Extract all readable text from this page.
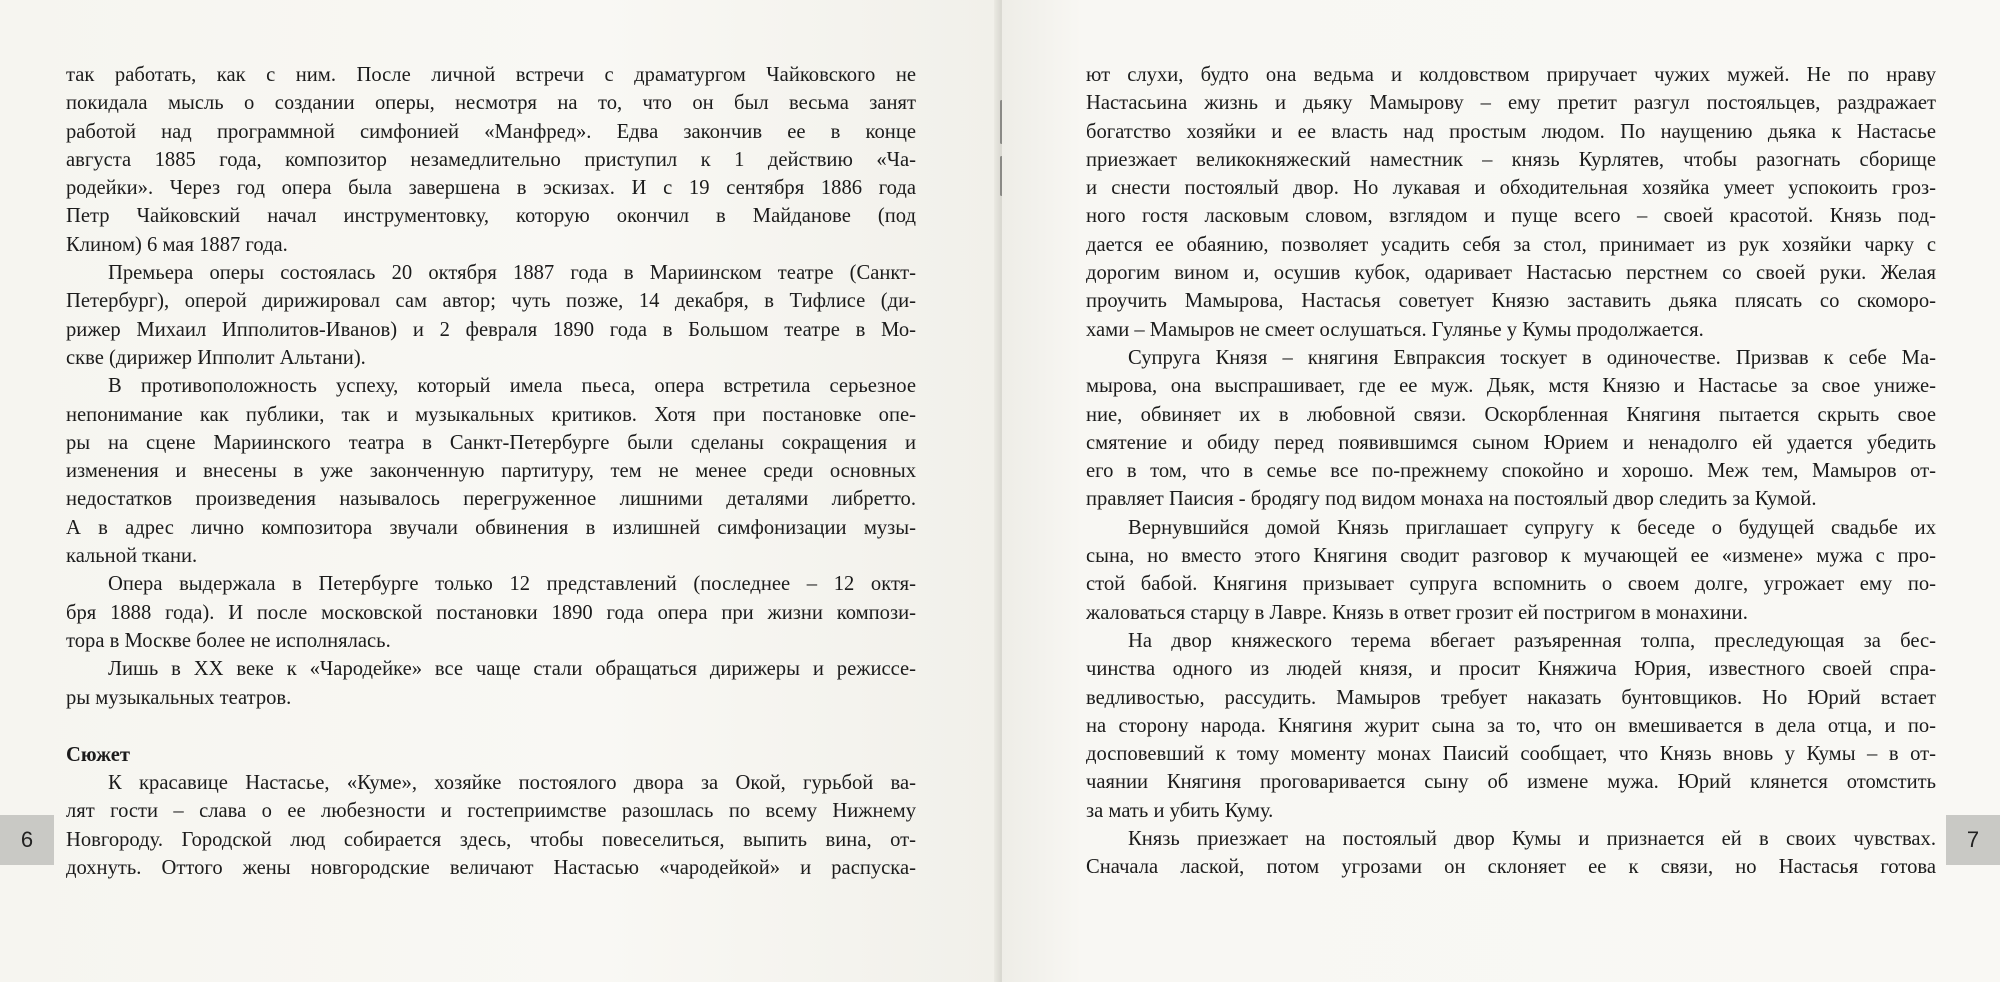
так работать, как с ним. После личной встречи с драматургом Чайковского не

покидала мысль о создании оперы, несмотря на то, что он был весьма занят

работой над программной симфонией «Манфред». Едва закончив ее в конце

августа 1885 года, композитор незамедлительно приступил к 1 действию «Ча-

родейки». Через год опера была завершена в эскизах. И с 19 сентября 1886 года

Петр Чайковский начал инструментовку, которую окончил в Майданове (под

Клином) 6 мая 1887 года.

Премьера оперы состоялась 20 октября 1887 года в Мариинском театре (Санкт-

Петербург), оперой дирижировал сам автор; чуть позже, 14 декабря, в Тифлисе (ди-

рижер Михаил Ипполитов-Иванов) и 2 февраля 1890 года в Большом театре в Мо-

скве (дирижер Ипполит Альтани).

В противоположность успеху, который имела пьеса, опера встретила серьезное

непонимание как публики, так и музыкальных критиков. Хотя при постановке опе-

ры на сцене Мариинского театра в Санкт-Петербурге были сделаны сокращения и

изменения и внесены в уже законченную партитуру, тем не менее среди основных

недостатков произведения называлось перегруженное лишними деталями либретто.

А в адрес лично композитора звучали обвинения в излишней симфонизации музы-

кальной ткани.

Опера выдержала в Петербурге только 12 представлений (последнее – 12 октя-

бря 1888 года). И после московской постановки 1890 года опера при жизни компози-

тора в Москве более не исполнялась.

Лишь в XX веке к «Чародейке» все чаще стали обращаться дирижеры и режиссе-

ры музыкальных театров.

Сюжет

К красавице Настасье, «Куме», хозяйке постоялого двора за Окой, гурьбой ва-

лят гости – слава о ее любезности и гостеприимстве разошлась по всему Нижнему

Новгороду. Городской люд собирается здесь, чтобы повеселиться, выпить вина, от-

дохнуть. Оттого жены новгородские величают Настасью «чародейкой» и распуска-

6

ют слухи, будто она ведьма и колдовством приручает чужих мужей. Не по нраву

Настасьина жизнь и дьяку Мамырову – ему претит разгул постояльцев, раздражает

богатство хозяйки и ее власть над простым людом. По наущению дьяка к Настасье

приезжает великокняжеский наместник – князь Курлятев, чтобы разогнать сборище

и снести постоялый двор. Но лукавая и обходительная хозяйка умеет успокоить гроз-

ного гостя ласковым словом, взглядом и пуще всего – своей красотой. Князь под-

дается ее обаянию, позволяет усадить себя за стол, принимает из рук хозяйки чарку с

дорогим вином и, осушив кубок, одаривает Настасью перстнем со своей руки. Желая

проучить Мамырова, Настасья советует Князю заставить дьяка плясать со скоморо-

хами – Мамыров не смеет ослушаться. Гулянье у Кумы продолжается.

Супруга Князя – княгиня Евпраксия тоскует в одиночестве. Призвав к себе Ма-

мырова, она выспрашивает, где ее муж. Дьяк, мстя Князю и Настасье за свое униже-

ние, обвиняет их в любовной связи. Оскорбленная Княгиня пытается скрыть свое

смятение и обиду перед появившимся сыном Юрием и ненадолго ей удается убедить

его в том, что в семье все по-прежнему спокойно и хорошо. Меж тем, Мамыров от-

правляет Паисия - бродягу под видом монаха на постоялый двор следить за Кумой.

Вернувшийся домой Князь приглашает супругу к беседе о будущей свадьбе их

сына, но вместо этого Княгиня сводит разговор к мучающей ее «измене» мужа с про-

стой бабой. Княгиня призывает супруга вспомнить о своем долге, угрожает ему по-

жаловаться старцу в Лавре. Князь в ответ грозит ей постригом в монахини.

На двор княжеского терема вбегает разъяренная толпа, преследующая за бес-

чинства одного из людей князя, и просит Княжича Юрия, известного своей спра-

ведливостью, рассудить. Мамыров требует наказать бунтовщиков. Но Юрий встает

на сторону народа. Княгиня журит сына за то, что он вмешивается в дела отца, и по-

досповевший к тому моменту монах Паисий сообщает, что Князь вновь у Кумы – в от-

чаянии Княгиня проговаривается сыну об измене мужа. Юрий клянется отомстить

за мать и убить Куму.

Князь приезжает на постоялый двор Кумы и признается ей в своих чувствах.

Сначала лаской, потом угрозами он склоняет ее к связи, но Настасья готова

7
